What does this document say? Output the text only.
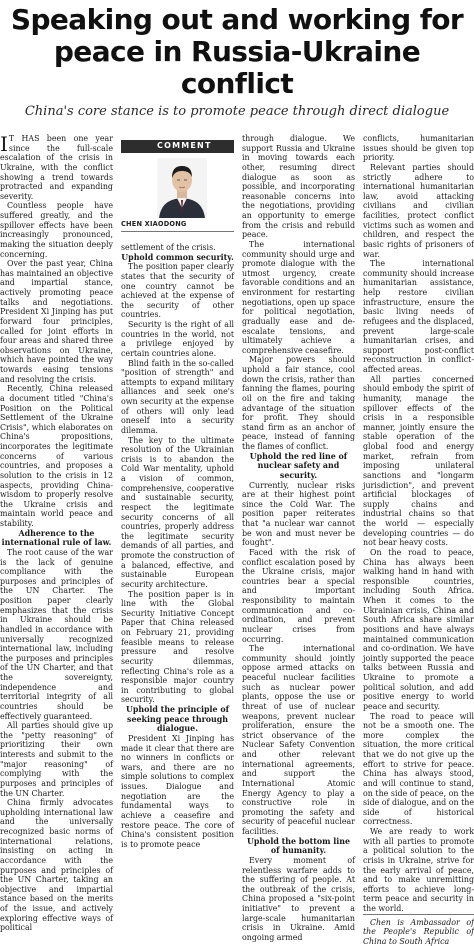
Speaking out and working for
peace in Russia-Ukraine conflict
China's core stance is to promote peace through direct dialogue

I T HAS been one year since the full-scale escalation of the crisis in Ukraine, with the conflict showing a trend towards protracted and expanding severity.

Countless people have suffered greatly, and the spillover effects have been increasingly pronounced, making the situation deeply concerning.

Over the past year, China has maintained an objective and impartial stance, actively promoting peace talks and negotiations. President Xi Jinping has put forward four principles, called for joint efforts in four areas and shared three observations on Ukraine, which have pointed the way towards easing tensions and resolving the crisis.

Recently, China released a document titled "China's Position on the Political Settlement of the Ukraine Crisis", which elaborates on China's propositions, incorporates the legitimate concerns of various countries, and proposes a solution to the crisis in 12 aspects, providing China-wisdom to properly resolve the Ukraine crisis and maintain world peace and stability.

Adherence to the international rule of law.

The root cause of the war is the lack of genuine compliance with the purposes and principles of the UN Charter. The position paper clearly emphasizes that the crisis in Ukraine should be handled in accordance with universally recognized international law, including the purposes and principles of the UN Charter, and that the sovereignty, independence and territorial integrity of all countries should be effectively guaranteed.

All parties should give up the "petty reasoning" of prioritizing their own interests and submit to the "major reasoning" of complying with the purposes and principles of the UN Charter.

China firmly advocates upholding international law and the universally recognized basic norms of international relations, insisting on acting in accordance with the purposes and principles of the UN Charter, taking an objective and impartial stance based on the merits of the issue, and actively exploring effective ways of political

COMMENT
CHEN XIAODONG

settlement of the crisis.

Uphold common security.

The position paper clearly states that the security of one country cannot be achieved at the expense of the security of other countries.

Security is the right of all countries in the world, not a privilege enjoyed by certain countries alone.

Blind faith in the so-called "position of strength" and attempts to expand military alliances and seek one's own security at the expense of others will only lead oneself into a security dilemma.

The key to the ultimate resolution of the Ukrainian crisis is to abandon the Cold War mentality, uphold a vision of common, comprehensive, cooperative and sustainable security, respect the legitimate security concerns of all countries, properly address the legitimate security demands of all parties, and promote the construction of a balanced, effective, and sustainable European security architecture.

The position paper is in line with the Global Security Initiative Concept Paper that China released on February 21, providing feasible means to release pressure and resolve security dilemmas, reflecting China's role as a responsible major country in contributing to global security.

Uphold the principle of seeking peace through dialogue.

President Xi Jinping has made it clear that there are no winners in conflicts or wars, and there are no simple solutions to complex issues. Dialogue and negotiation are the fundamental ways to achieve a ceasefire and restore peace. The core of China's consistent position is to promote peace

through dialogue. We support Russia and Ukraine in moving towards each other, resuming direct dialogue as soon as possible, and incorporating reasonable concerns into the negotiations, providing an opportunity to emerge from the crisis and rebuild peace.

The international community should urge and promote dialogue with the utmost urgency, create favorable conditions and an environment for restarting negotiations, open up space for political negotiation, gradually ease and de-escalate tensions, and ultimately achieve a comprehensive ceasefire.

Major powers should uphold a fair stance, cool down the crisis, rather than fanning the flames, pouring oil on the fire and taking advantage of the situation for profit. They should stand firm as an anchor of peace, instead of fanning the flames of conflict.

Uphold the red line of nuclear safety and security.

Currently, nuclear risks are at their highest point since the Cold War. The position paper reiterates that "a nuclear war cannot be won and must never be fought".

Faced with the risk of conflict escalation posed by the Ukraine crisis, major countries bear a special and important responsibility to maintain communication and co-ordination, and prevent nuclear crises from occurring.

The international community should jointly oppose armed attacks on peaceful nuclear facilities such as nuclear power plants, oppose the use or threat of use of nuclear weapons, prevent nuclear proliferation, ensure the strict observance of the Nuclear Safety Convention and other relevant international agreements, and support the International Atomic Energy Agency to play a constructive role in promoting the safety and security of peaceful nuclear facilities.

Uphold the bottom line of humanity.

Every moment of relentless warfare adds to the suffering of people. At the outbreak of the crisis, China proposed a "six-point initiative" to prevent a large-scale humanitarian crisis in Ukraine. Amid ongoing armed

conflicts, humanitarian issues should be given top priority.

Relevant parties should strictly adhere to international humanitarian law, avoid attacking civilians and civilian facilities, protect conflict victims such as women and children, and respect the basic rights of prisoners of war.

The international community should increase humanitarian assistance, help restore civilian infrastructure, ensure the basic living needs of refugees and the displaced, prevent large-scale humanitarian crises, and support post-conflict reconstruction in conflict-affected areas.

All parties concerned should embody the spirit of humanity, manage the spillover effects of the crisis in a responsible manner, jointly ensure the stable operation of the global food and energy market, refrain from imposing unilateral sanctions and "longarm jurisdiction", and prevent artificial blockages of supply chains and industrial chains so that the world — especially developing countries — do not bear heavy costs.

On the road to peace, China has always been walking hand in hand with responsible countries, including South Africa. When it comes to the Ukrainian crisis, China and South Africa share similar positions and have always maintained communication and co-ordination. We have jointly supported the peace talks between Russia and Ukraine to promote a political solution, and add positive energy to world peace and security.

The road to peace will not be a smooth one. The more complex the situation, the more critical that we do not give up the effort to strive for peace. China has always stood, and will continue to stand, on the side of peace, on the side of dialogue, and on the side of historical correctness.

We are ready to work with all parties to promote a political solution to the crisis in Ukraine, strive for the early arrival of peace, and to make unremitting efforts to achieve long-term peace and security in the world.

Chen is Ambassador of the People's Republic of China to South Africa
